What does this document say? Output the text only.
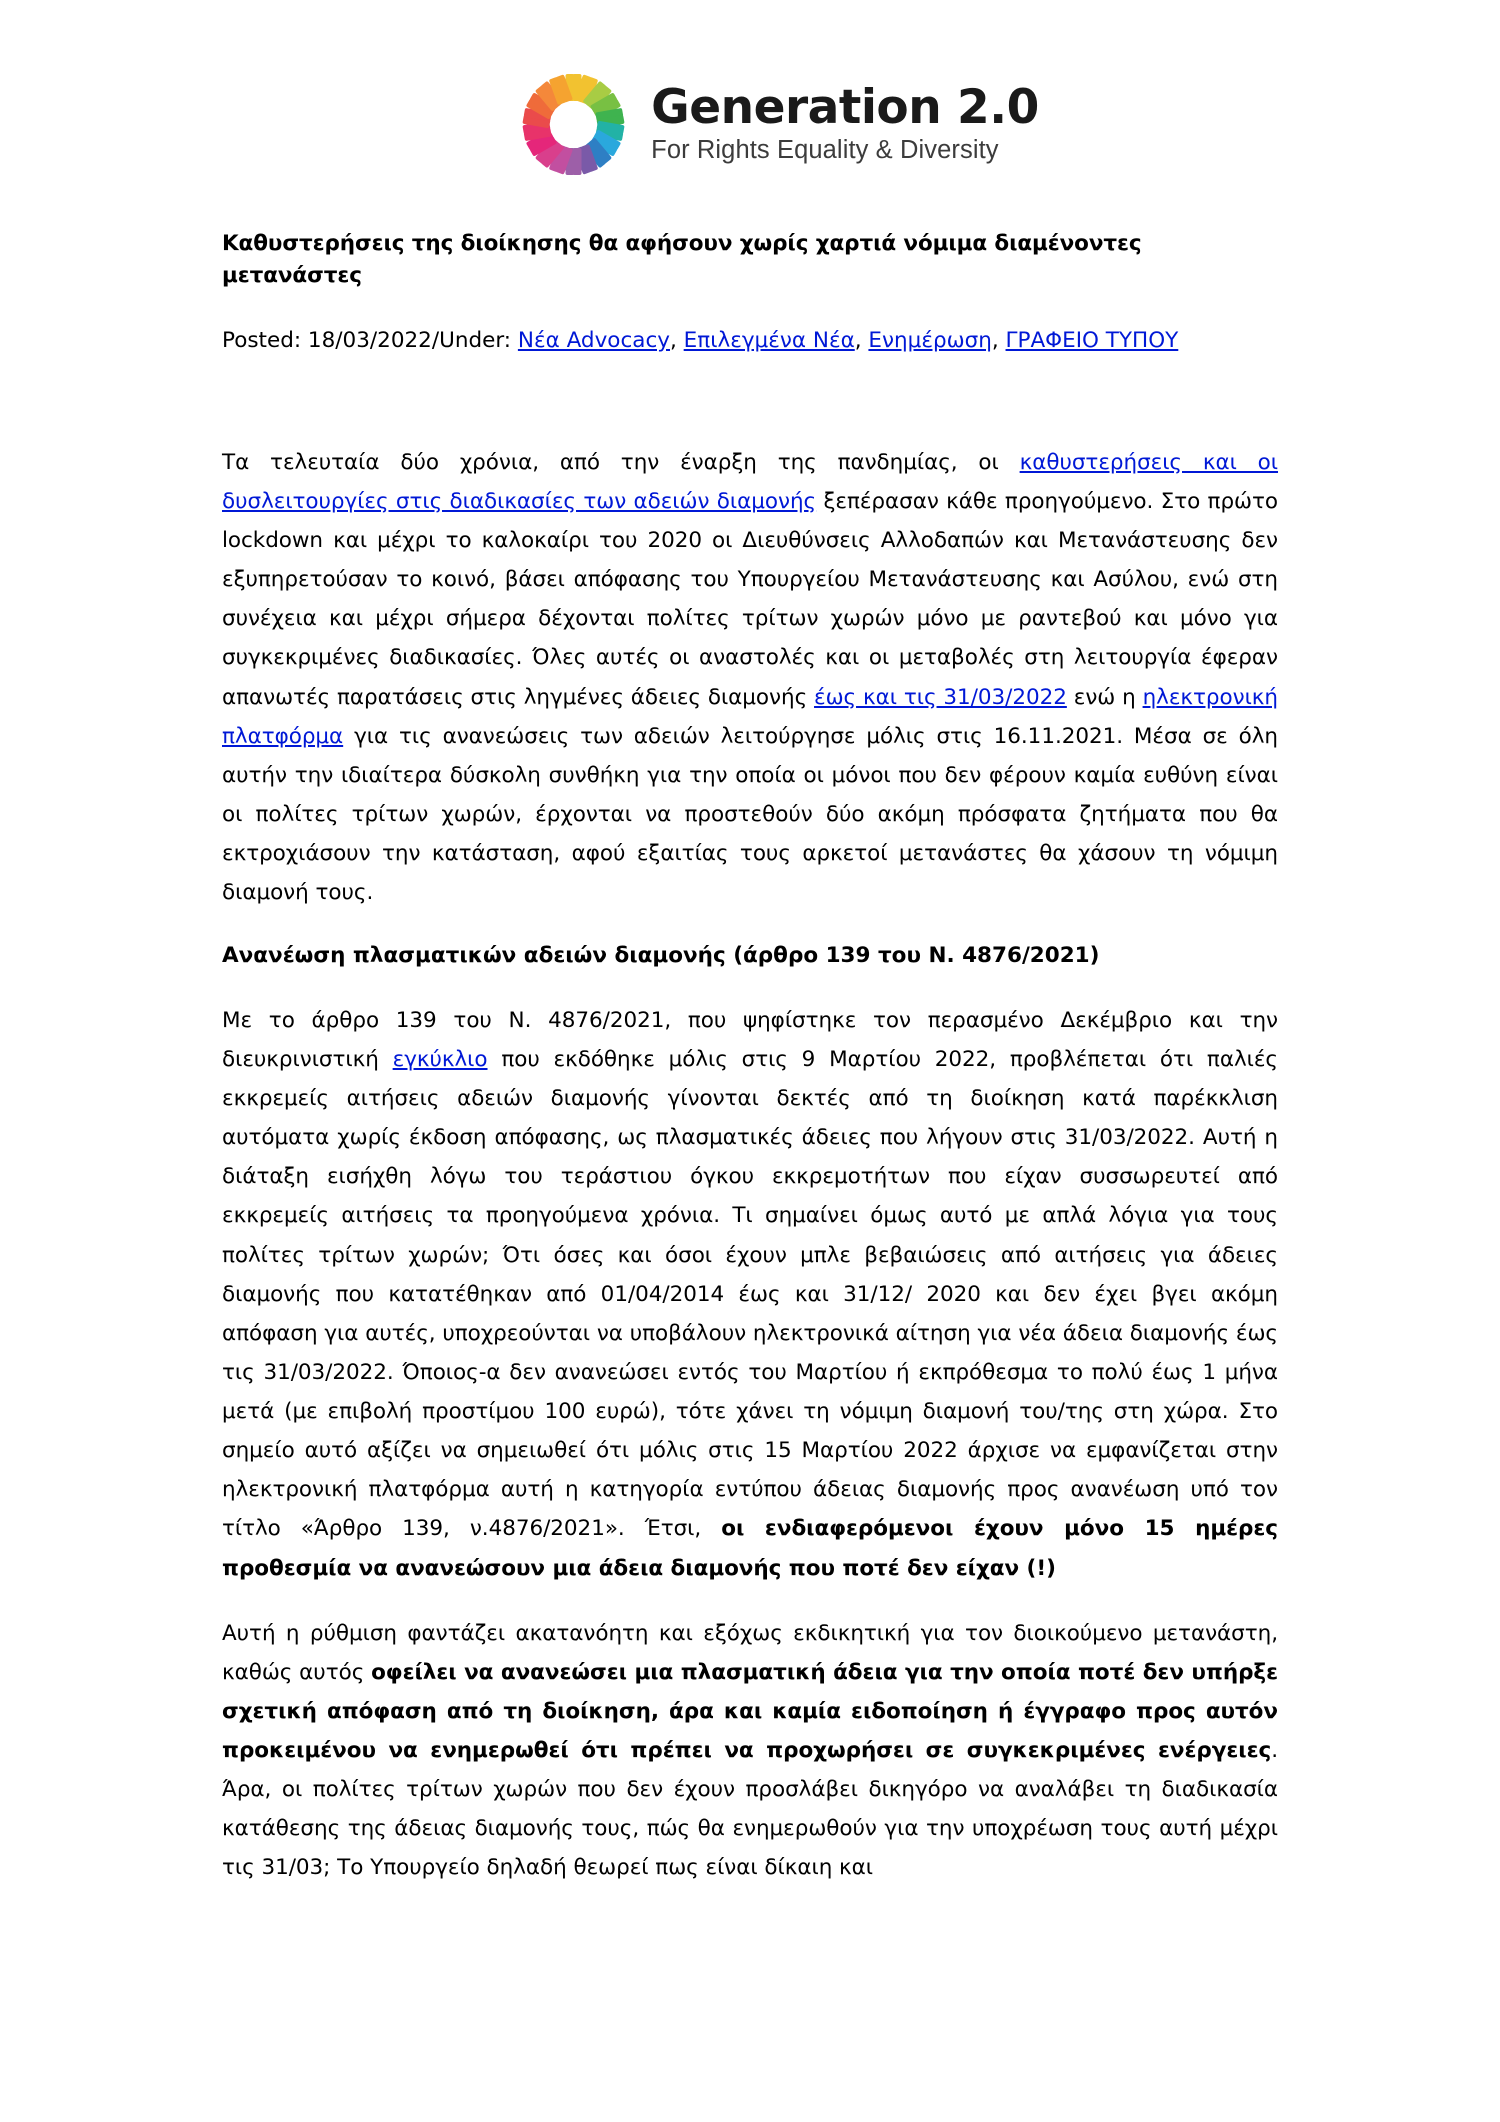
Generation 2.0
For Rights Equality & Diversity
Καθυστερήσεις της διοίκησης θα αφήσουν χωρίς χαρτιά νόμιμα διαμένοντες μετανάστες

Posted: 18/03/2022/Under: Νέα Advocacy, Επιλεγμένα Νέα, Ενημέρωση, ΓΡΑΦΕΙΟ ΤΥΠΟΥ

Τα τελευταία δύο χρόνια, από την έναρξη της πανδημίας, οι καθυστερήσεις και οι δυσλειτουργίες στις διαδικασίες των αδειών διαμονής ξεπέρασαν κάθε προηγούμενο. Στο πρώτο lockdown και μέχρι το καλοκαίρι του 2020 οι Διευθύνσεις Αλλοδαπών και Μετανάστευσης δεν εξυπηρετούσαν το κοινό, βάσει απόφασης του Υπουργείου Μετανάστευσης και Ασύλου, ενώ στη συνέχεια και μέχρι σήμερα δέχονται πολίτες τρίτων χωρών μόνο με ραντεβού και μόνο για συγκεκριμένες διαδικασίες. Όλες αυτές οι αναστολές και οι μεταβολές στη λειτουργία έφεραν απανωτές παρατάσεις στις ληγμένες άδειες διαμονής έως και τις 31/03/2022 ενώ η ηλεκτρονική πλατφόρμα για τις ανανεώσεις των αδειών λειτούργησε μόλις στις 16.11.2021. Μέσα σε όλη αυτήν την ιδιαίτερα δύσκολη συνθήκη για την οποία οι μόνοι που δεν φέρουν καμία ευθύνη είναι οι πολίτες τρίτων χωρών, έρχονται να προστεθούν δύο ακόμη πρόσφατα ζητήματα που θα εκτροχιάσουν την κατάσταση, αφού εξαιτίας τους αρκετοί μετανάστες θα χάσουν τη νόμιμη διαμονή τους.

Ανανέωση πλασματικών αδειών διαμονής (άρθρο 139 του Ν. 4876/2021)

Με το άρθρο 139 του Ν. 4876/2021, που ψηφίστηκε τον περασμένο Δεκέμβριο και την διευκρινιστική εγκύκλιο που εκδόθηκε μόλις στις 9 Μαρτίου 2022, προβλέπεται ότι παλιές εκκρεμείς αιτήσεις αδειών διαμονής γίνονται δεκτές από τη διοίκηση κατά παρέκκλιση αυτόματα χωρίς έκδοση απόφασης, ως πλασματικές άδειες που λήγουν στις 31/03/2022. Αυτή η διάταξη εισήχθη λόγω του τεράστιου όγκου εκκρεμοτήτων που είχαν συσσωρευτεί από εκκρεμείς αιτήσεις τα προηγούμενα χρόνια. Τι σημαίνει όμως αυτό με απλά λόγια για τους πολίτες τρίτων χωρών; Ότι όσες και όσοι έχουν μπλε βεβαιώσεις από αιτήσεις για άδειες διαμονής που κατατέθηκαν από 01/04/2014 έως και 31/12/ 2020 και δεν έχει βγει ακόμη απόφαση για αυτές, υποχρεούνται να υποβάλουν ηλεκτρονικά αίτηση για νέα άδεια διαμονής έως τις 31/03/2022. Όποιος-α δεν ανανεώσει εντός του Μαρτίου ή εκπρόθεσμα το πολύ έως 1 μήνα μετά (με επιβολή προστίμου 100 ευρώ), τότε χάνει τη νόμιμη διαμονή του/της στη χώρα. Στο σημείο αυτό αξίζει να σημειωθεί ότι μόλις στις 15 Μαρτίου 2022 άρχισε να εμφανίζεται στην ηλεκτρονική πλατφόρμα αυτή η κατηγορία εντύπου άδειας διαμονής προς ανανέωση υπό τον τίτλο «Άρθρο 139, ν.4876/2021». Έτσι, οι ενδιαφερόμενοι έχουν μόνο 15 ημέρες προθεσμία να ανανεώσουν μια άδεια διαμονής που ποτέ δεν είχαν (!)

Αυτή η ρύθμιση φαντάζει ακατανόητη και εξόχως εκδικητική για τον διοικούμενο μετανάστη, καθώς αυτός οφείλει να ανανεώσει μια πλασματική άδεια για την οποία ποτέ δεν υπήρξε σχετική απόφαση από τη διοίκηση, άρα και καμία ειδοποίηση ή έγγραφο προς αυτόν προκειμένου να ενημερωθεί ότι πρέπει να προχωρήσει σε συγκεκριμένες ενέργειες. Άρα, οι πολίτες τρίτων χωρών που δεν έχουν προσλάβει δικηγόρο να αναλάβει τη διαδικασία κατάθεσης της άδειας διαμονής τους, πώς θα ενημερωθούν για την υποχρέωση τους αυτή μέχρι τις 31/03; Το Υπουργείο δηλαδή θεωρεί πως είναι δίκαιη και
